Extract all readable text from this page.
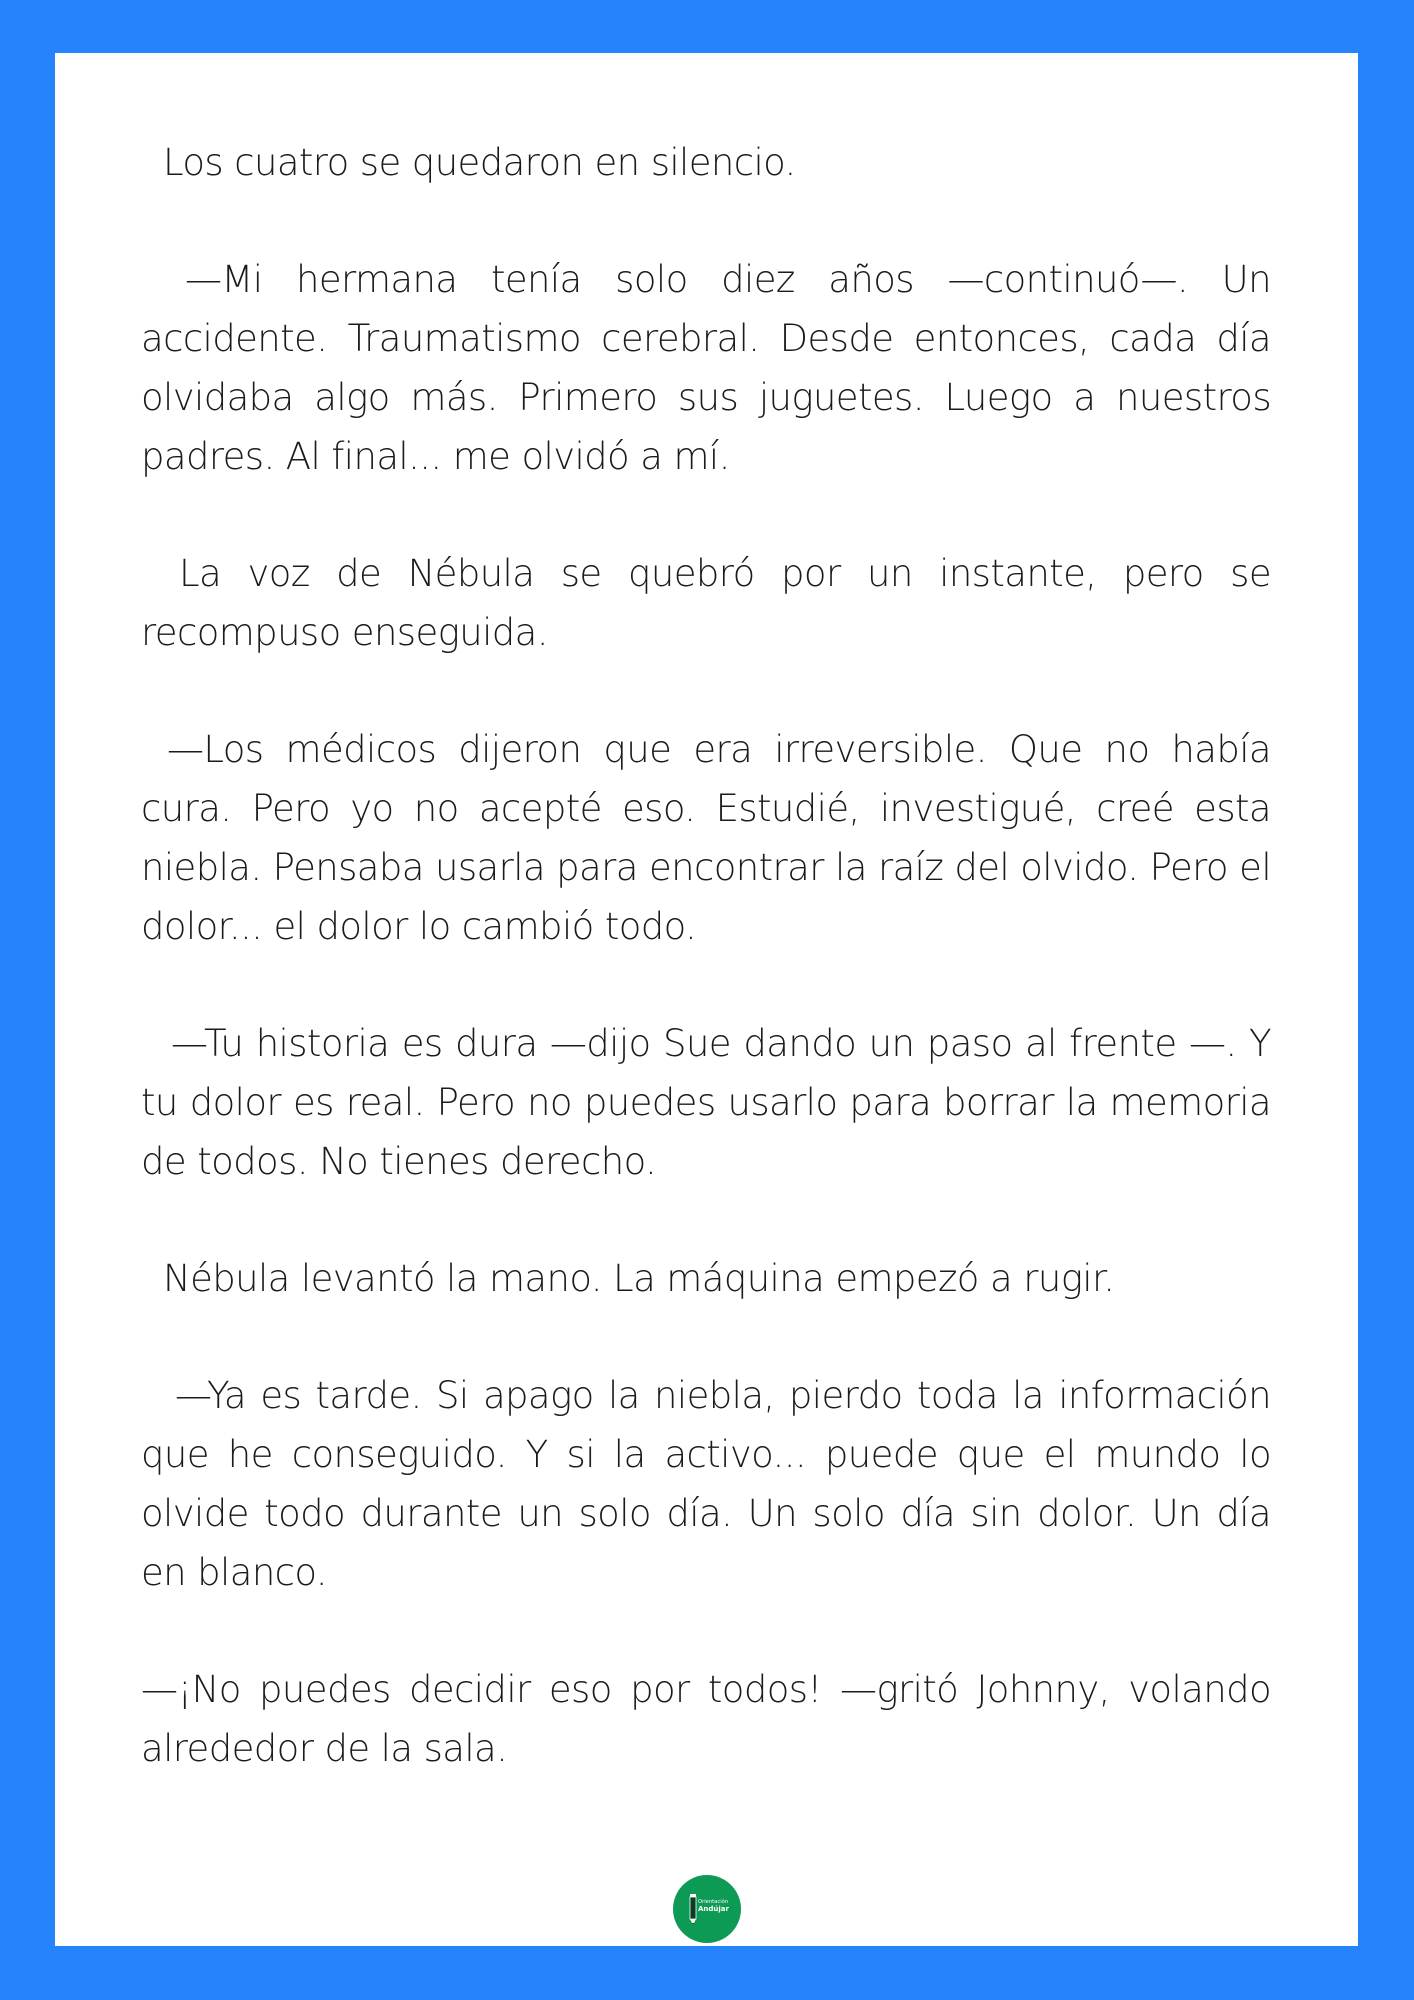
Los cuatro se quedaron en silencio.

—Mi hermana tenía solo diez años —continuó—. Un accidente. Traumatismo cerebral. Desde entonces, cada día olvidaba algo más. Primero sus juguetes. Luego a nuestros padres. Al final... me olvidó a mí.

La voz de Nébula se quebró por un instante, pero se recompuso enseguida.

—Los médicos dijeron que era irreversible. Que no había cura. Pero yo no acepté eso. Estudié, investigué, creé esta niebla. Pensaba usarla para encontrar la raíz del olvido. Pero el dolor... el dolor lo cambió todo.

—Tu historia es dura —dijo Sue dando un paso al frente —. Y tu dolor es real. Pero no puedes usarlo para borrar la memoria de todos. No tienes derecho.

Nébula levantó la mano. La máquina empezó a rugir.

—Ya es tarde. Si apago la niebla, pierdo toda la información que he conseguido. Y si la activo... puede que el mundo lo olvide todo durante un solo día. Un solo día sin dolor. Un día en blanco.

—¡No puedes decidir eso por todos! —gritó Johnny, volando alrededor de la sala.

Orientación
Andújar
